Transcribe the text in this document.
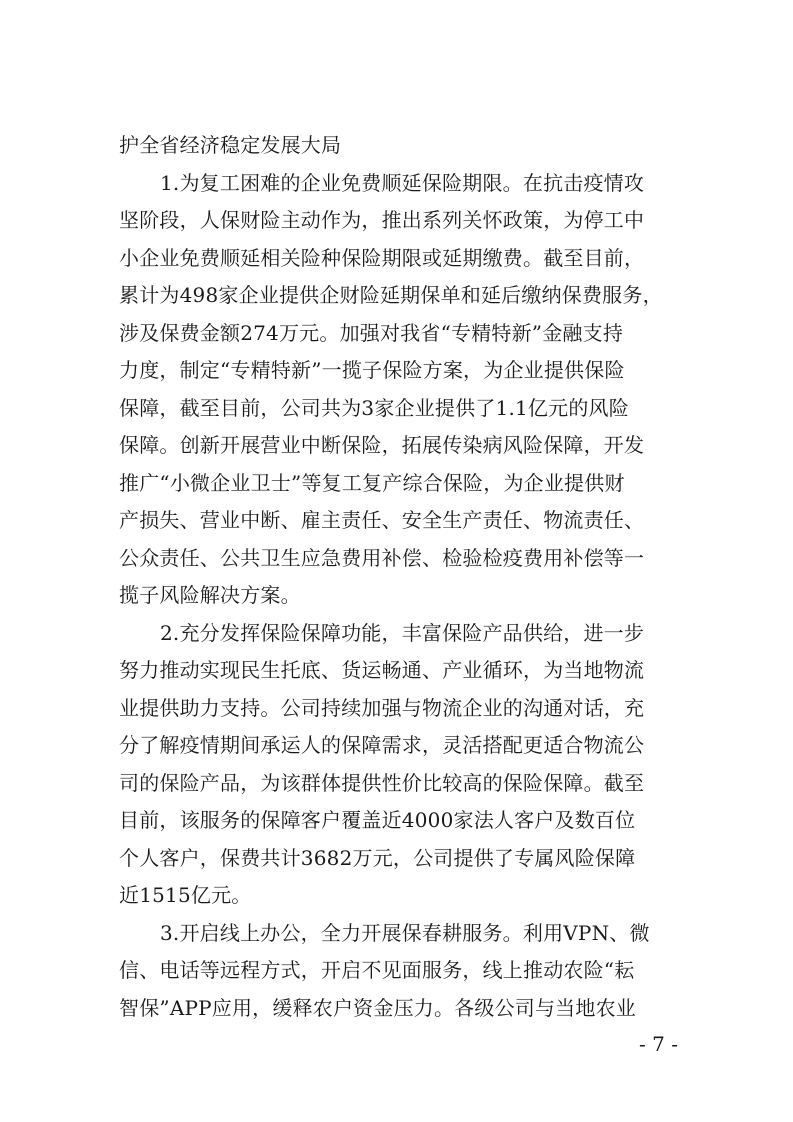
护全省经济稳定发展大局
1.为复工困难的企业免费顺延保险期限。在抗击疫情攻
坚阶段，人保财险主动作为，推出系列关怀政策，为停工中
小企业免费顺延相关险种保险期限或延期缴费。截至目前，
累计为498家企业提供企财险延期保单和延后缴纳保费服务，
涉及保费金额274万元。加强对我省“专精特新”金融支持
力度，制定“专精特新”一揽子保险方案，为企业提供保险
保障，截至目前，公司共为3家企业提供了1.1亿元的风险
保障。创新开展营业中断保险，拓展传染病风险保障，开发
推广“小微企业卫士”等复工复产综合保险，为企业提供财
产损失、营业中断、雇主责任、安全生产责任、物流责任、
公众责任、公共卫生应急费用补偿、检验检疫费用补偿等一
揽子风险解决方案。
2.充分发挥保险保障功能，丰富保险产品供给，进一步
努力推动实现民生托底、货运畅通、产业循环，为当地物流
业提供助力支持。公司持续加强与物流企业的沟通对话，充
分了解疫情期间承运人的保障需求，灵活搭配更适合物流公
司的保险产品，为该群体提供性价比较高的保险保障。截至
目前，该服务的保障客户覆盖近4000家法人客户及数百位
个人客户，保费共计3682万元，公司提供了专属风险保障
近1515亿元。
3.开启线上办公，全力开展保春耕服务。利用VPN、微
信、电话等远程方式，开启不见面服务，线上推动农险“耘
智保”APP应用，缓释农户资金压力。各级公司与当地农业
- 7 -
